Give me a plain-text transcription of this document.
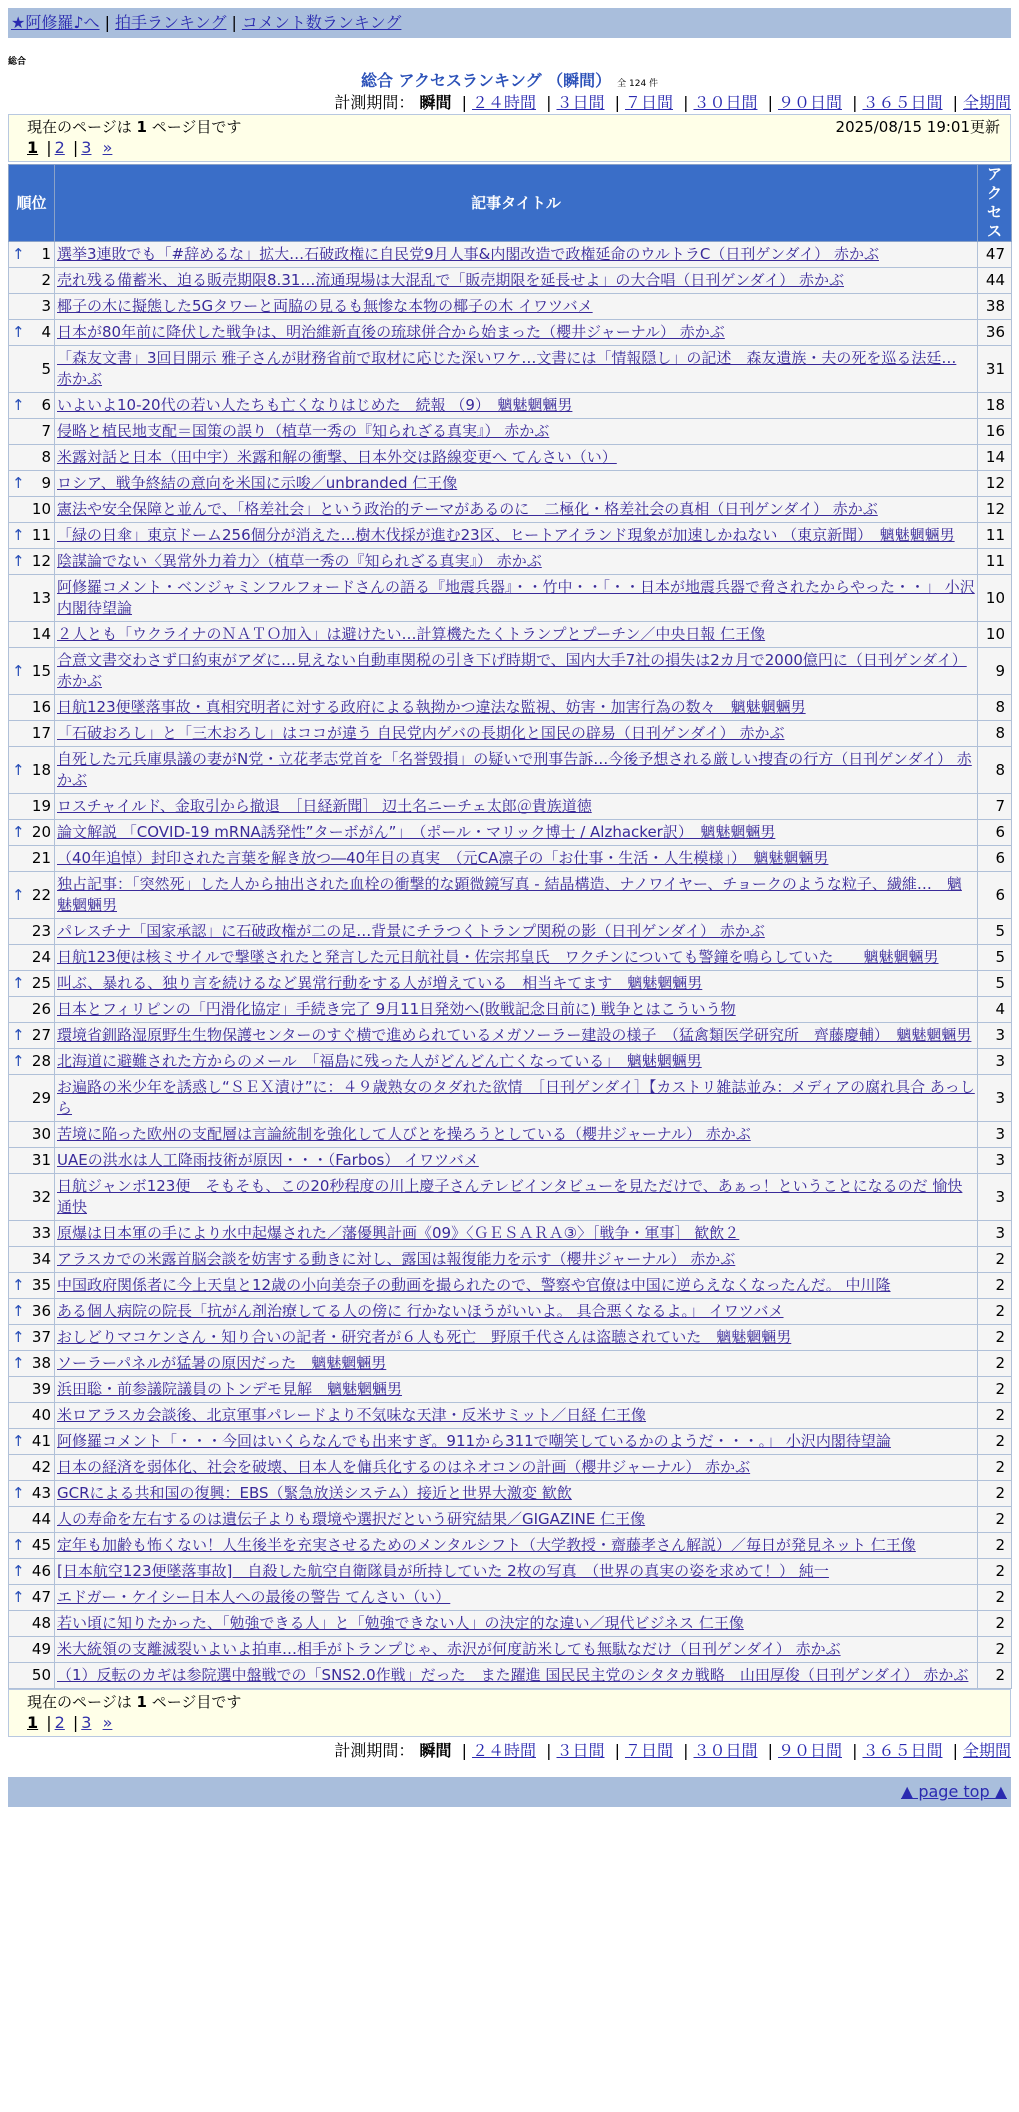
★阿修羅♪へ | 拍手ランキング | コメント数ランキング
総合
総合 アクセスランキング （瞬間） 全 124 件
計測期間： 瞬間 | ２４時間 | ３日間 | ７日間 | ３０日間 | ９０日間 | ３６５日間 | 全期間
現在のページは 1 ページ目です	2025/08/15 19:01更新
1 | 2 | 3 »
順位	記事タイトル	アクセス

↑ 1	選挙3連敗でも「#辞めるな」拡大…石破政権に自民党9月人事&内閣改造で政権延命のウルトラC（日刊ゲンダイ） 赤かぶ	47
2	売れ残る備蓄米、迫る販売期限8.31…流通現場は大混乱で「販売期限を延長せよ」の大合唱（日刊ゲンダイ） 赤かぶ	44
3	椰子の木に擬態した5Gタワーと両脇の見るも無惨な本物の椰子の木 イワツバメ	38

↑ 4	日本が80年前に降伏した戦争は、明治維新直後の琉球併合から始まった（櫻井ジャーナル） 赤かぶ	36
5	「森友文書」3回目開示 雅子さんが財務省前で取材に応じた深いワケ…文書には「情報隠し」の記述　森友遺族・夫の死を巡る法廷… 赤かぶ	31

↑ 6	いよいよ10-20代の若い人たちも亡くなりはじめた　続報 （9）　魑魅魍魎男	18
7	侵略と植民地支配＝国策の誤り（植草一秀の『知られざる真実』） 赤かぶ	16
8	米露対話と日本（田中宇）米露和解の衝撃、日本外交は路線変更へ てんさい（い）	14

↑ 9	ロシア、戦争終結の意向を米国に示唆／unbranded 仁王像	12
10	憲法や安全保障と並んで、「格差社会」という政治的テーマがあるのに　二極化・格差社会の真相（日刊ゲンダイ） 赤かぶ	12

↑ 11	「緑の日傘」東京ドーム256個分が消えた…樹木伐採が進む23区、ヒートアイランド現象が加速しかねない （東京新聞）　魑魅魍魎男	11

↑ 12	陰謀論でない〈異常外力着力〉（植草一秀の『知られざる真実』） 赤かぶ	11
13	阿修羅コメント・ベンジャミンフルフォードさんの語る『地震兵器』・・竹中・・「・・日本が地震兵器で脅されたからやった・・」 小沢内閣待望論	10
14	２人とも「ウクライナのＮＡＴＯ加入」は避けたい…計算機たたくトランプとプーチン／中央日報 仁王像	10

↑ 15	合意文書交わさず口約束がアダに…見えない自動車関税の引き下げ時期で、国内大手7社の損失は2カ月で2000億円に（日刊ゲンダイ） 赤かぶ	9
16	日航123便墜落事故・真相究明者に対する政府による執拗かつ違法な監視、妨害・加害行為の数々　魑魅魍魎男	8
17	「石破おろし」と「三木おろし」はココが違う 自民党内ゲバの長期化と国民の辟易（日刊ゲンダイ） 赤かぶ	8

↑ 18	自死した元兵庫県議の妻がN党・立花孝志党首を「名誉毀損」の疑いで刑事告訴…今後予想される厳しい捜査の行方（日刊ゲンダイ） 赤かぶ	8
19	ロスチャイルド、金取引から撤退　［日経新聞］ 辺土名ニーチェ太郎＠貴族道徳	7

↑ 20	論文解説 「COVID-19 mRNA誘発性”ターボがん”」　（ポール・マリック博士 / Alzhacker訳）　魑魅魍魎男	6
21	（40年追悼）封印された言葉を解き放つ―40年目の真実　（元CA凛子の「お仕事・生活・人生模様」）　魑魅魍魎男	6

↑ 22	独占記事：「突然死」した人から抽出された血栓の衝撃的な顕微鏡写真 - 結晶構造、ナノワイヤー、チョークのような粒子、繊維…　魑魅魍魎男	6
23	パレスチナ「国家承認」に石破政権が二の足…背景にチラつくトランプ関税の影（日刊ゲンダイ） 赤かぶ	5
24	日航123便は核ミサイルで撃墜されたと発言した元日航社員・佐宗邦皇氏　ワクチンについても警鐘を鳴らしていた　　魑魅魍魎男	5

↑ 25	叫ぶ、暴れる、独り言を続けるなど異常行動をする人が増えている　相当キてます　魑魅魍魎男	5
26	日本とフィリピンの「円滑化協定」手続き完了 9月11日発効へ(敗戦記念日前に) 戦争とはこういう物	4

↑ 27	環境省釧路湿原野生生物保護センターのすぐ横で進められているメガソーラー建設の様子　（猛禽類医学研究所　齊藤慶輔）　魑魅魍魎男	3

↑ 28	北海道に避難された方からのメール　「福島に残った人がどんどん亡くなっている」　魑魅魍魎男	3
29	お遍路の米少年を誘惑し“ＳＥＸ漬け”に：４９歳熟女のタダれた欲情　［日刊ゲンダイ］【カストリ雑誌並み：メディアの腐れ具合 あっしら	3
30	苦境に陥った欧州の支配層は言論統制を強化して人びとを操ろうとしている（櫻井ジャーナル） 赤かぶ	3
31	UAEの洪水は人工降雨技術が原因・・・（Farbos） イワツバメ	3
32	日航ジャンボ123便　そもそも、この20秒程度の川上慶子さんテレビインタビューを見ただけで、あぁっ！ということになるのだ 愉快通快	3
33	原爆は日本軍の手により水中起爆された／藩優興計画《09》〈ＧＥＳＡＲＡ③〉［戦争・軍事］ 歓飲２	3
34	アラスカでの米露首脳会談を妨害する動きに対し、露国は報復能力を示す（櫻井ジャーナル） 赤かぶ	2

↑ 35	中国政府関係者に今上天皇と12歳の小向美奈子の動画を撮られたので、警察や官僚は中国に逆らえなくなったんだ。 中川隆	2

↑ 36	ある個人病院の院長「抗がん剤治療してる人の傍に 行かないほうがいいよ。 具合悪くなるよ。」 イワツバメ	2

↑ 37	おしどりマコケンさん・知り合いの記者・研究者が６人も死亡　野原千代さんは盗聴されていた　魑魅魍魎男	2

↑ 38	ソーラーパネルが猛暑の原因だった　魑魅魍魎男	2
39	浜田聡・前参議院議員のトンデモ見解　魑魅魍魎男	2
40	米ロアラスカ会談後、北京軍事パレードより不気味な天津・反米サミット／日経 仁王像	2

↑ 41	阿修羅コメント「・・・今回はいくらなんでも出来すぎ。911から311で嘲笑しているかのようだ・・・。」 小沢内閣待望論	2
42	日本の経済を弱体化、社会を破壊、日本人を傭兵化するのはネオコンの計画（櫻井ジャーナル） 赤かぶ	2

↑ 43	GCRによる共和国の復興：EBS（緊急放送システム）接近と世界大激変 歓飲	2
44	人の寿命を左右するのは遺伝子よりも環境や選択だという研究結果／GIGAZINE 仁王像	2

↑ 45	定年も加齢も怖くない！人生後半を充実させるためのメンタルシフト（大学教授・齋藤孝さん解説）／毎日が発見ネット 仁王像	2

↑ 46	[日本航空123便墜落事故]　自殺した航空自衛隊員が所持していた 2枚の写真　（世界の真実の姿を求めて！） 純一	2

↑ 47	エドガー・ケイシー日本人への最後の警告 てんさい（い）	2
48	若い頃に知りたかった、「勉強できる人」と「勉強できない人」の決定的な違い／現代ビジネス 仁王像	2
49	米大統領の支離滅裂いよいよ拍車…相手がトランプじゃ、赤沢が何度訪米しても無駄なだけ（日刊ゲンダイ） 赤かぶ	2
50	（1）反転のカギは参院選中盤戦での「SNS2.0作戦」だった　また躍進 国民民主党のシタタカ戦略　山田厚俊（日刊ゲンダイ） 赤かぶ	2
現在のページは 1 ページ目です
1 | 2 | 3 »
計測期間： 瞬間 | ２４時間 | ３日間 | ７日間 | ３０日間 | ９０日間 | ３６５日間 | 全期間
▲ page top ▲
